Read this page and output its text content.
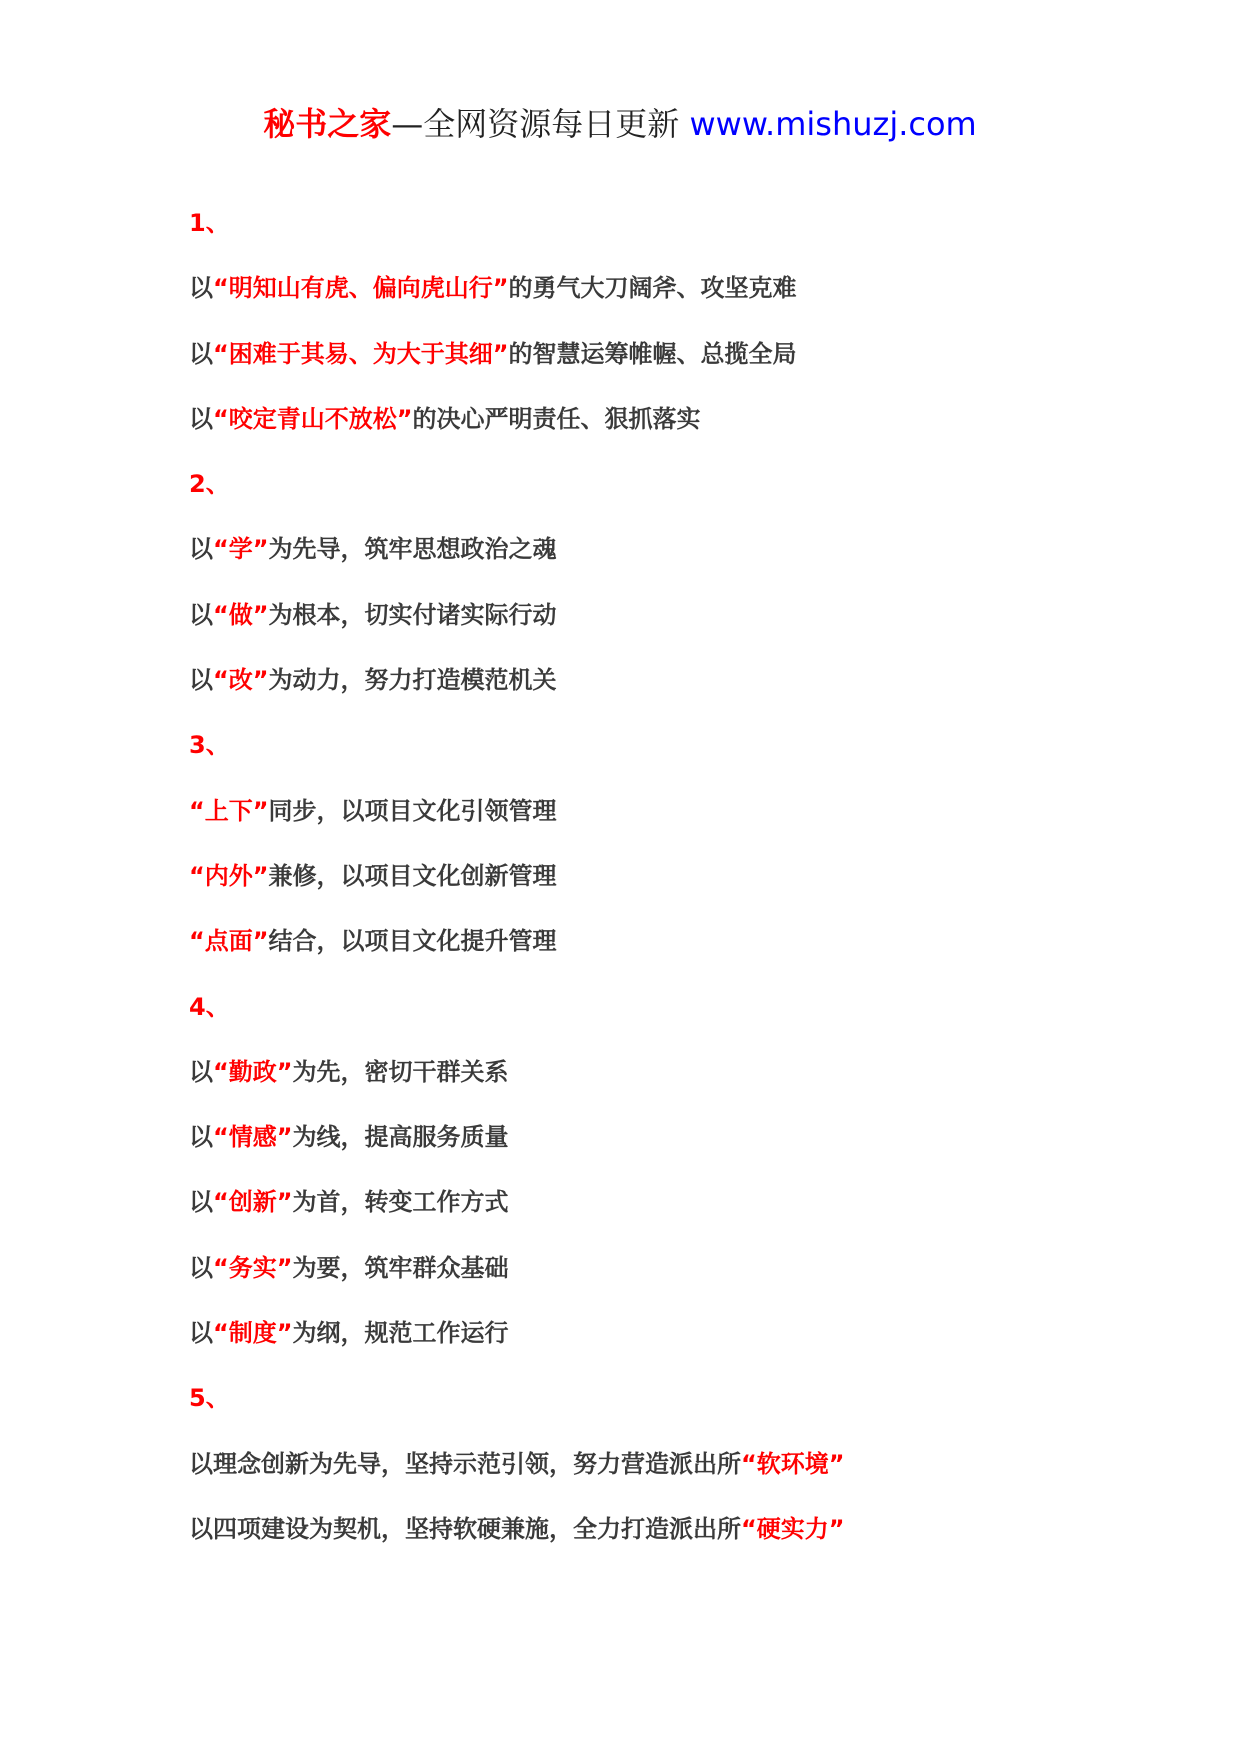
秘书之家—全网资源每日更新 www.mishuzj.com
1、
以“明知山有虎、偏向虎山行”的勇气大刀阔斧、攻坚克难
以“困难于其易、为大于其细”的智慧运筹帷幄、总揽全局
以“咬定青山不放松”的决心严明责任、狠抓落实
2、
以“学”为先导，筑牢思想政治之魂
以“做”为根本，切实付诸实际行动
以“改”为动力，努力打造模范机关
3、
“上下”同步，以项目文化引领管理
“内外”兼修，以项目文化创新管理
“点面”结合，以项目文化提升管理
4、
以“勤政”为先，密切干群关系
以“情感”为线，提高服务质量
以“创新”为首，转变工作方式
以“务实”为要，筑牢群众基础
以“制度”为纲，规范工作运行
5、
以理念创新为先导，坚持示范引领，努力营造派出所“软环境”
以四项建设为契机，坚持软硬兼施，全力打造派出所“硬实力”
